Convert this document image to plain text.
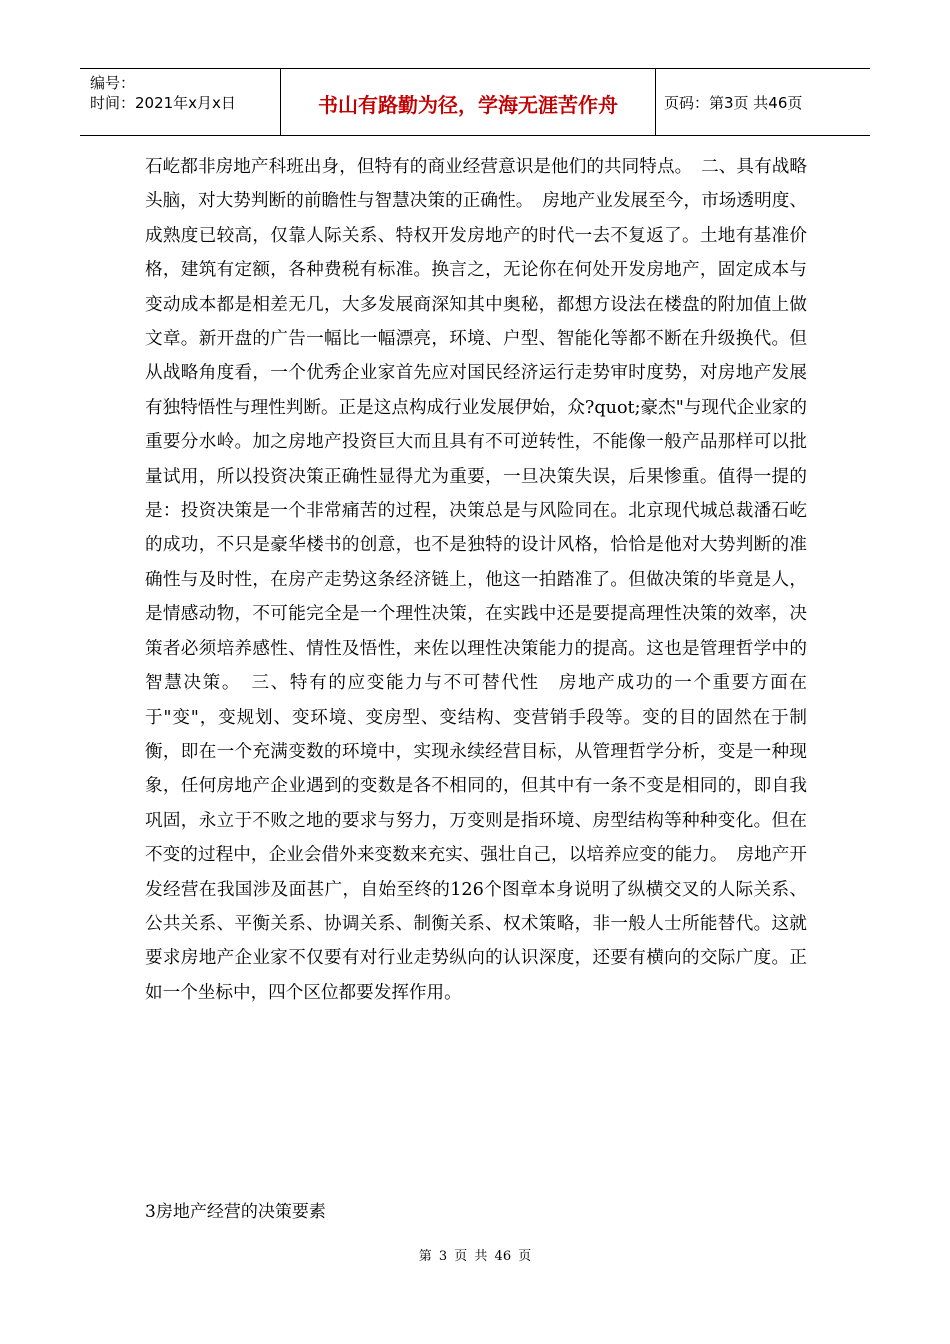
编号：
时间：2021年x月x日	书山有路勤为径，学海无涯苦作舟	页码：第3页 共46页

石屹都非房地产科班出身，但特有的商业经营意识是他们的共同特点。　二、具有战略头脑，对大势判断的前瞻性与智慧决策的正确性。　房地产业发展至今，市场透明度、成熟度已较高，仅靠人际关系、特权开发房地产的时代一去不复返了。土地有基准价格，建筑有定额，各种费税有标准。换言之，无论你在何处开发房地产，固定成本与变动成本都是相差无几，大多发展商深知其中奥秘，都想方设法在楼盘的附加值上做文章。新开盘的广告一幅比一幅漂亮，环境、户型、智能化等都不断在升级换代。但从战略角度看，一个优秀企业家首先应对国民经济运行走势审时度势，对房地产发展有独特悟性与理性判断。正是这点构成行业发展伊始，众?quot;豪杰"与现代企业家的重要分水岭。加之房地产投资巨大而且具有不可逆转性，不能像一般产品那样可以批量试用，所以投资决策正确性显得尤为重要，一旦决策失误，后果惨重。值得一提的是：投资决策是一个非常痛苦的过程，决策总是与风险同在。北京现代城总裁潘石屹的成功，不只是豪华楼书的创意，也不是独特的设计风格，恰恰是他对大势判断的准确性与及时性，在房产走势这条经济链上，他这一拍踏准了。但做决策的毕竟是人，是情感动物，不可能完全是一个理性决策，在实践中还是要提高理性决策的效率，决策者必须培养感性、情性及悟性，来佐以理性决策能力的提高。这也是管理哲学中的智慧决策。　三、特有的应变能力与不可替代性　房地产成功的一个重要方面在于"变"，变规划、变环境、变房型、变结构、变营销手段等。变的目的固然在于制衡，即在一个充满变数的环境中，实现永续经营目标，从管理哲学分析，变是一种现象，任何房地产企业遇到的变数是各不相同的，但其中有一条不变是相同的，即自我巩固，永立于不败之地的要求与努力，万变则是指环境、房型结构等种种变化。但在不变的过程中，企业会借外来变数来充实、强壮自己，以培养应变的能力。　房地产开发经营在我国涉及面甚广，自始至终的126个图章本身说明了纵横交叉的人际关系、公共关系、平衡关系、协调关系、制衡关系、权术策略，非一般人士所能替代。这就要求房地产企业家不仅要有对行业走势纵向的认识深度，还要有横向的交际广度。正如一个坐标中，四个区位都要发挥作用。

3房地产经营的决策要素

第 3 页 共 46 页
